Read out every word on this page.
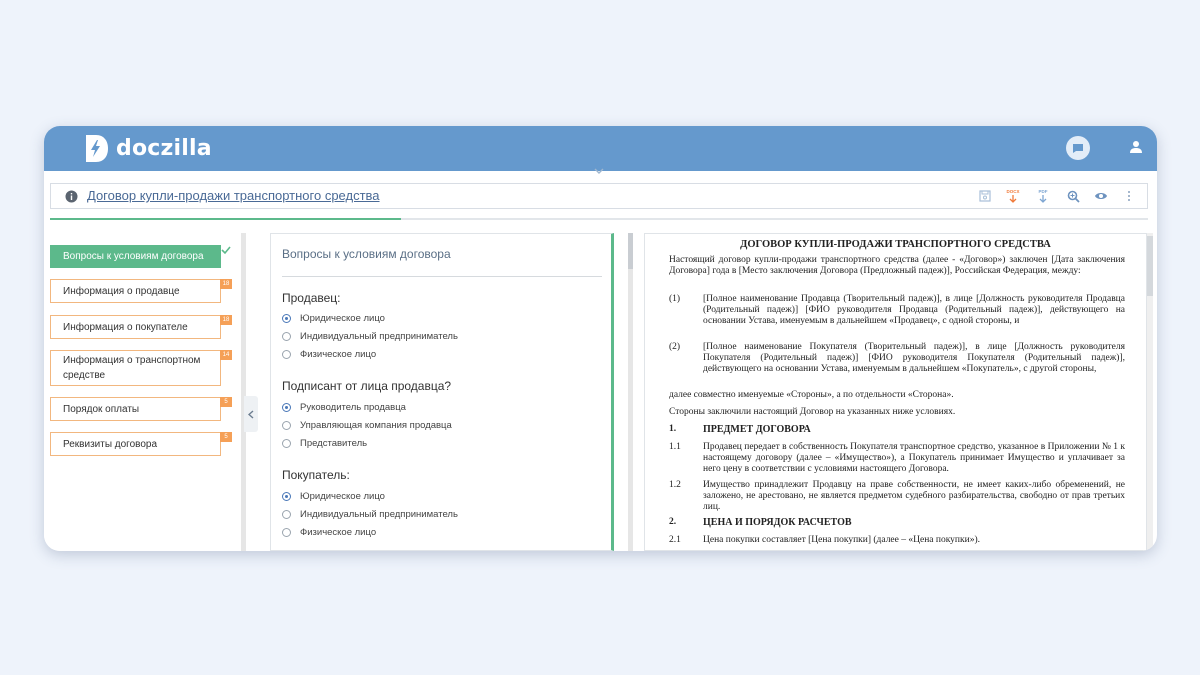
doczilla
Договор купли-продажи транспортного средства	DOCX	PDF
Вопросы к условиям договора
Информация о продавце
18
Информация о покупателе
18
Информация о транспортном средстве
14
Порядок оплаты
5
Реквизиты договора
5
Вопросы к условиям договора
Продавец:
Юридическое лицо
Индивидуальный предприниматель
Физическое лицо
Подписант от лица продавца?
Руководитель продавца
Управляющая компания продавца
Представитель
Покупатель:
Юридическое лицо
Индивидуальный предприниматель
Физическое лицо
ДОГОВОР КУПЛИ-ПРОДАЖИ ТРАНСПОРТНОГО СРЕДСТВА
Настоящий договор купли-продажи транспортного средства (далее - «Договор») заключен [Дата заключения Договора] года в [Место заключения Договора (Предложный падеж)], Российская Федерация, между:
(1) [Полное наименование Продавца (Творительный падеж)], в лице [Должность руководителя Продавца (Родительный падеж)] [ФИО руководителя Продавца (Родительный падеж)], действующего на основании Устава, именуемым в дальнейшем «Продавец», с одной стороны, и
(2) [Полное наименование Покупателя (Творительный падеж)], в лице [Должность руководителя Покупателя (Родительный падеж)] [ФИО руководителя Покупателя (Родительный падеж)], действующего на основании Устава, именуемым в дальнейшем «Покупатель», с другой стороны,
далее совместно именуемые «Стороны», а по отдельности «Сторона».
Стороны заключили настоящий Договор на указанных ниже условиях.
1.	ПРЕДМЕТ ДОГОВОРА
1.1 Продавец передает в собственность Покупателя транспортное средство, указанное в Приложении № 1 к настоящему договору (далее – «Имущество»), а Покупатель принимает Имущество и уплачивает за него цену в соответствии с условиями настоящего Договора.
1.2 Имущество принадлежит Продавцу на праве собственности, не имеет каких-либо обременений, не заложено, не арестовано, не является предметом судебного разбирательства, свободно от прав третьих лиц.
2.	ЦЕНА И ПОРЯДОК РАСЧЕТОВ
2.1 Цена покупки составляет [Цена покупки] (далее – «Цена покупки»).
